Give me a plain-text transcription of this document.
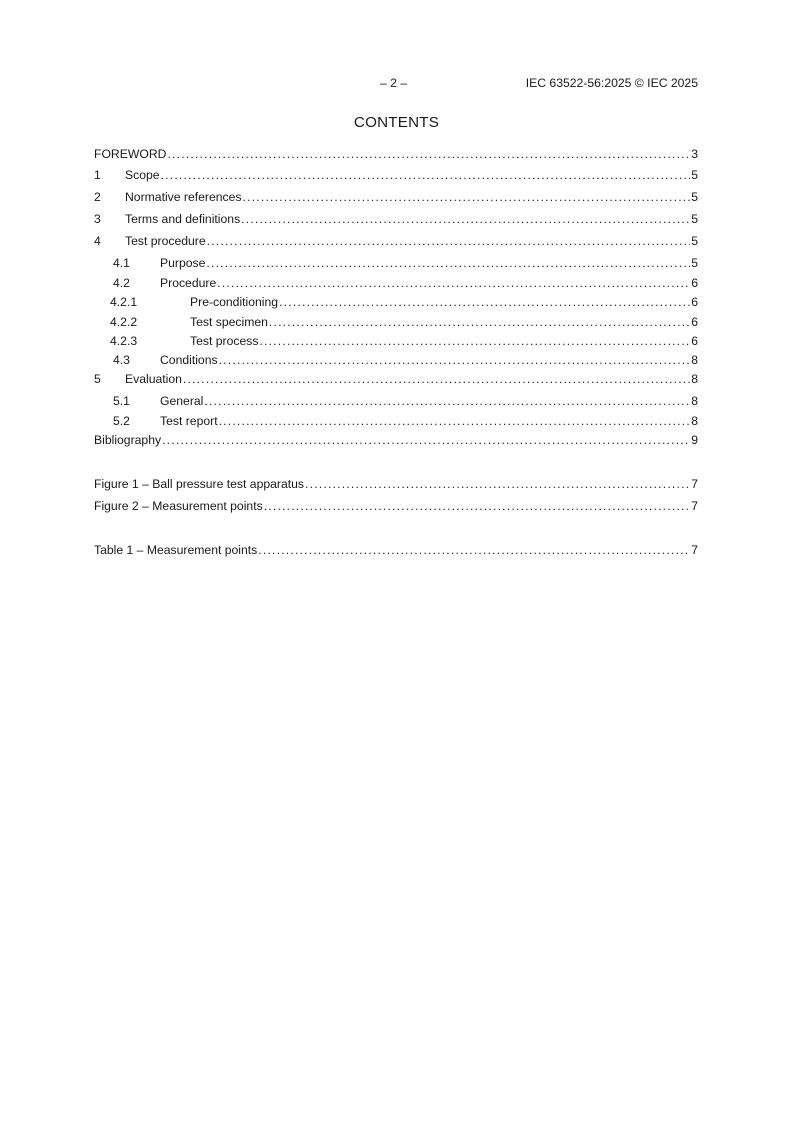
– 2 –	IEC 63522-56:2025 © IEC 2025
CONTENTS
FOREWORD .....	3
1	Scope .....	5
2	Normative references .....	5
3	Terms and definitions .....	5
4	Test procedure .....	5
4.1	Purpose .....	5
4.2	Procedure .....	6
4.2.1	Pre-conditioning .....	6
4.2.2	Test specimen .....	6
4.2.3	Test process .....	6
4.3	Conditions .....	8
5	Evaluation .....	8
5.1	General .....	8
5.2	Test report .....	8
Bibliography .....	9
Figure 1 – Ball pressure test apparatus .....	7
Figure 2 – Measurement points .....	7
Table 1 – Measurement points .....	7
